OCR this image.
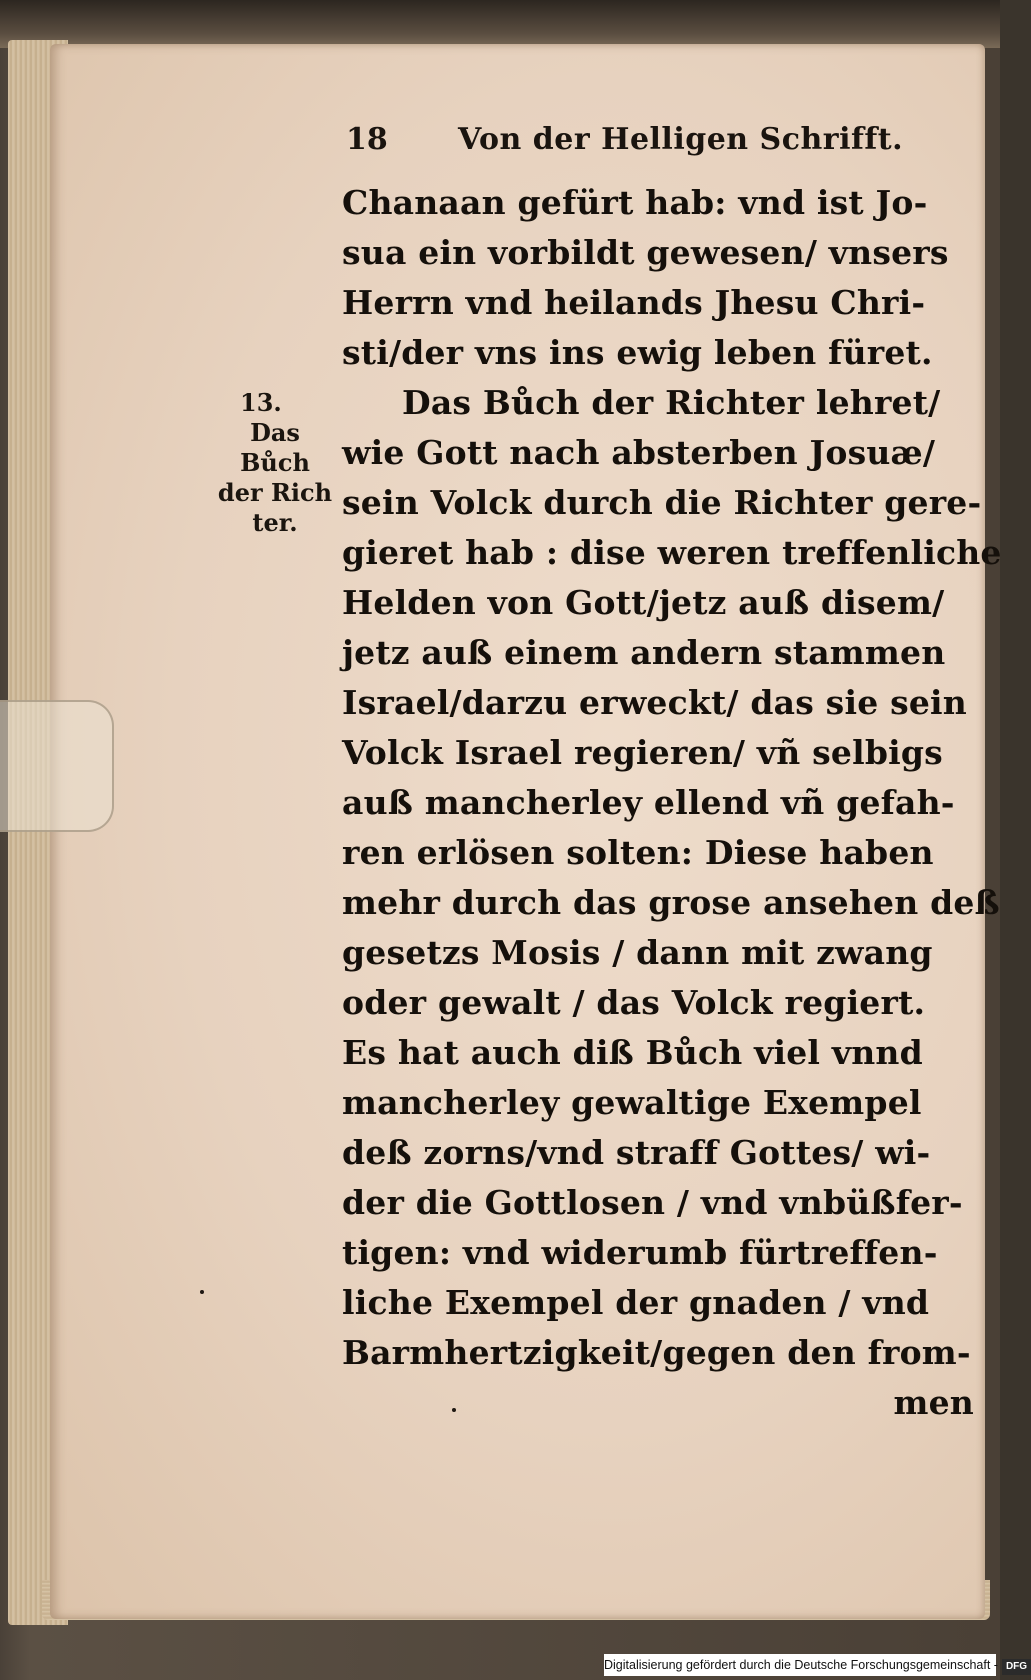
18 Von der Helligen Schrifft.
13.
Das
Bůch
der Rich
ter.
Chanaan gefürt hab: vnd ist Jo-
sua ein vorbildt gewesen/ vnsers
Herrn vnd heilands Jhesu Chri-
sti/der vns ins ewig leben füret.
Das Bůch der Richter lehret/
wie Gott nach absterben Josuæ/
sein Volck durch die Richter gere-
gieret hab : dise weren treffenliche
Helden von Gott/jetz auß disem/
jetz auß einem andern stammen
Israel/darzu erweckt/ das sie sein
Volck Israel regieren/ vñ selbigs
auß mancherley ellend vñ gefah-
ren erlösen solten: Diese haben
mehr durch das grose ansehen deß
gesetzs Mosis / dann mit zwang
oder gewalt / das Volck regiert.
Es hat auch diß Bůch viel vnnd
mancherley gewaltige Exempel
deß zorns/vnd straff Gottes/ wi-
der die Gottlosen / vnd vnbüßfer-
tigen: vnd widerumb fürtreffen-
liche Exempel der gnaden / vnd
Barmhertzigkeit/gegen den from-
men
Digitalisierung gefördert durch die Deutsche Forschungsgemeinschaft - DFG
